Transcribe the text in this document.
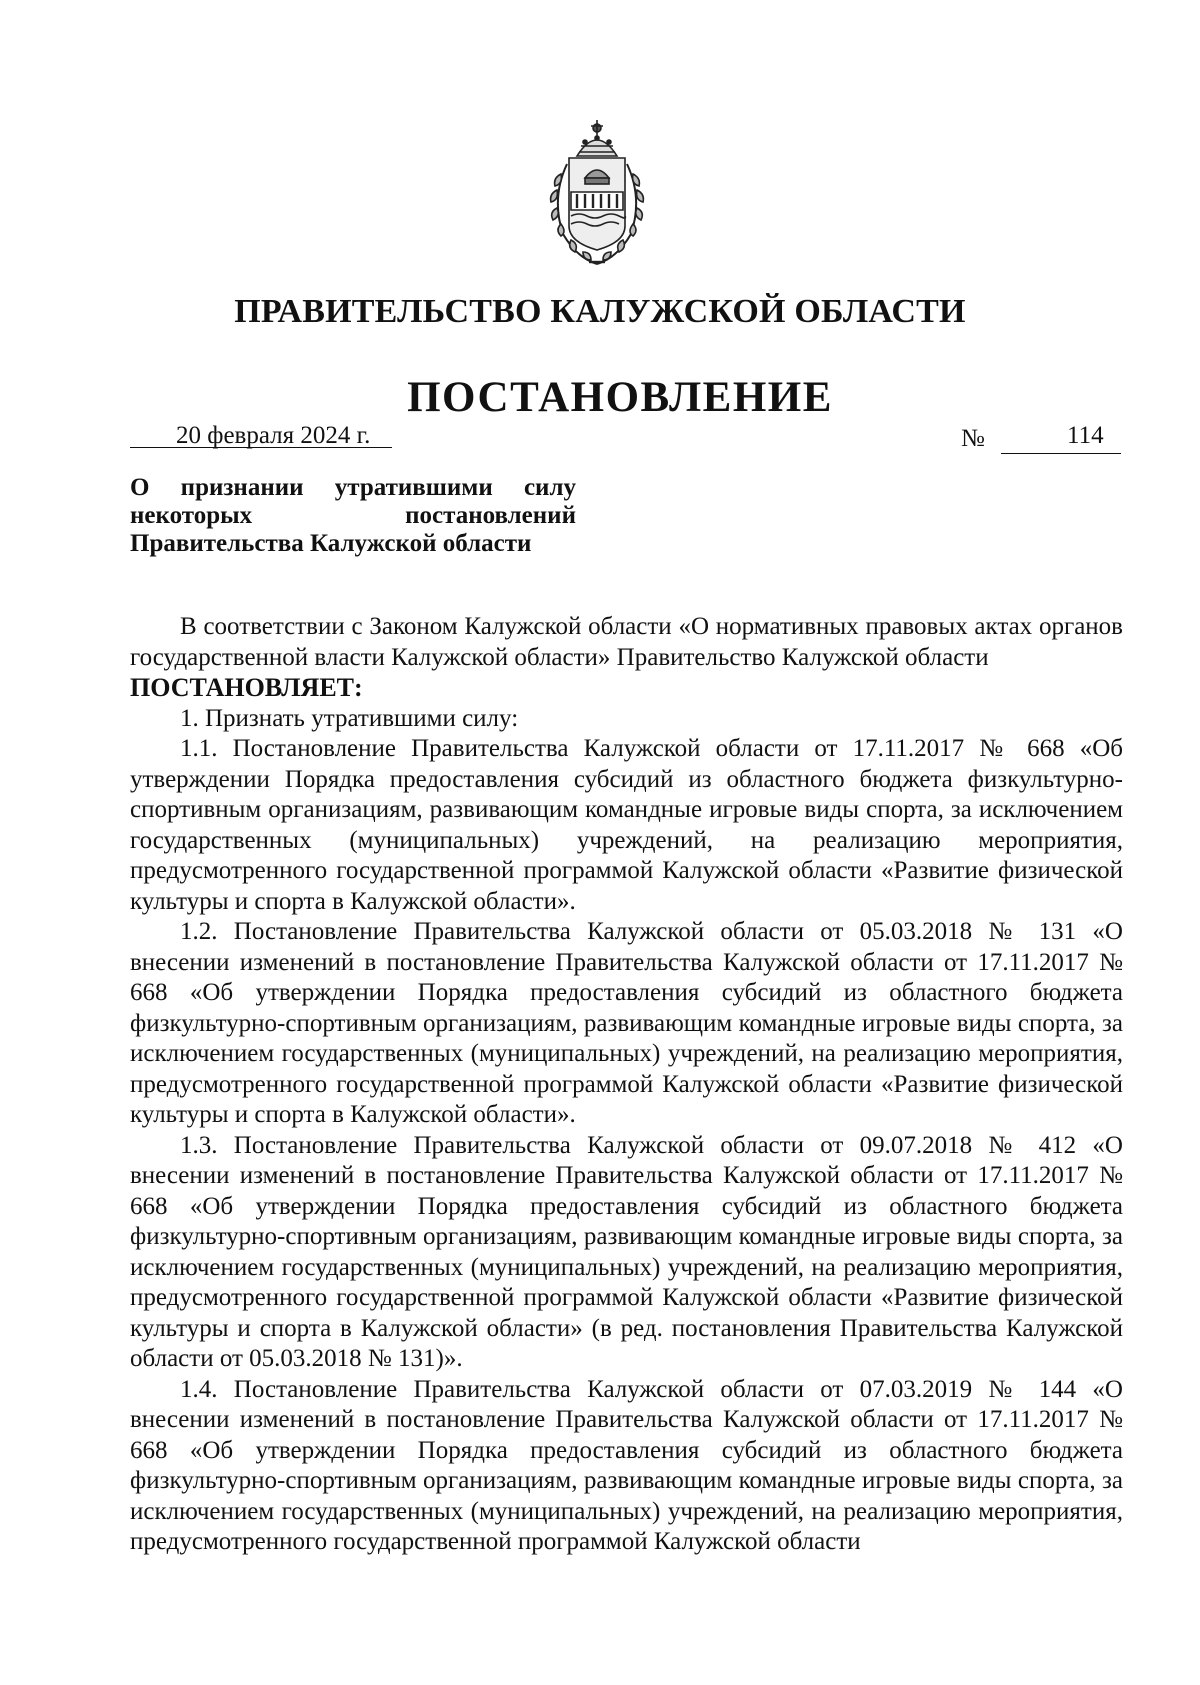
ПРАВИТЕЛЬСТВО КАЛУЖСКОЙ ОБЛАСТИ
ПОСТАНОВЛЕНИЕ
20 февраля 2024 г.	№	114
О признании утратившими силу
некоторых постановлений
Правительства Калужской области

В соответствии с Законом Калужской области «О нормативных правовых актах органов государственной власти Калужской области» Правительство Калужской области

ПОСТАНОВЛЯЕТ:

1. Признать утратившими силу:

1.1. Постановление Правительства Калужской области от 17.11.2017 № 668 «Об утверждении Порядка предоставления субсидий из областного бюджета физкультурно-спортивным организациям, развивающим командные игровые виды спорта, за исключением государственных (муниципальных) учреждений, на реализацию мероприятия, предусмотренного государственной программой Калужской области «Развитие физической культуры и спорта в Калужской области».

1.2. Постановление Правительства Калужской области от 05.03.2018 № 131 «О внесении изменений в постановление Правительства Калужской области от 17.11.2017 № 668 «Об утверждении Порядка предоставления субсидий из областного бюджета физкультурно-спортивным организациям, развивающим командные игровые виды спорта, за исключением государственных (муниципальных) учреждений, на реализацию мероприятия, предусмотренного государственной программой Калужской области «Развитие физической культуры и спорта в Калужской области».

1.3. Постановление Правительства Калужской области от 09.07.2018 № 412 «О внесении изменений в постановление Правительства Калужской области от 17.11.2017 № 668 «Об утверждении Порядка предоставления субсидий из областного бюджета физкультурно-спортивным организациям, развивающим командные игровые виды спорта, за исключением государственных (муниципальных) учреждений, на реализацию мероприятия, предусмотренного государственной программой Калужской области «Развитие физической культуры и спорта в Калужской области» (в ред. постановления Правительства Калужской области от 05.03.2018 № 131)».

1.4. Постановление Правительства Калужской области от 07.03.2019 № 144 «О внесении изменений в постановление Правительства Калужской области от 17.11.2017 № 668 «Об утверждении Порядка предоставления субсидий из областного бюджета физкультурно-спортивным организациям, развивающим командные игровые виды спорта, за исключением государственных (муниципальных) учреждений, на реализацию мероприятия, предусмотренного государственной программой Калужской области
